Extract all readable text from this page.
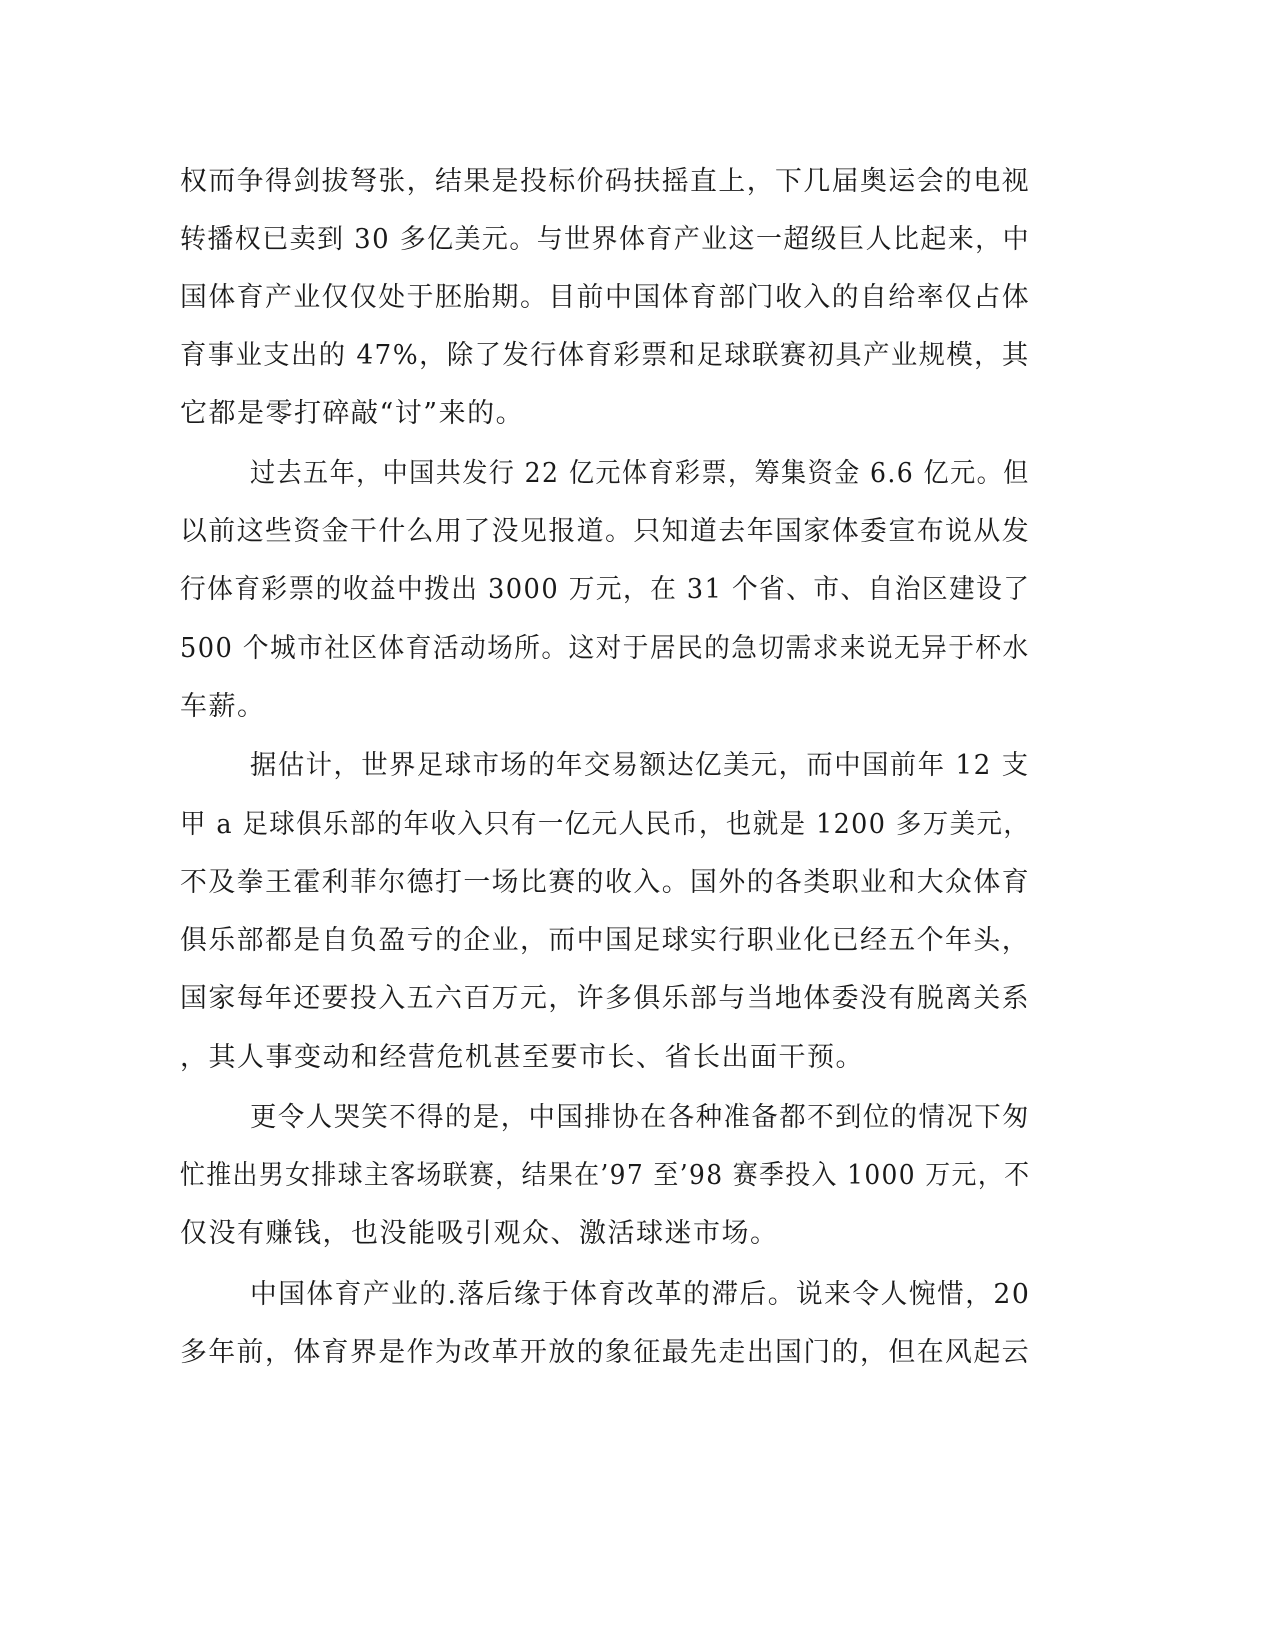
权而争得剑拔弩张，结果是投标价码扶摇直上，下几届奥运会的电视
转播权已卖到 30 多亿美元。与世界体育产业这一超级巨人比起来，中
国体育产业仅仅处于胚胎期。目前中国体育部门收入的自给率仅占体
育事业支出的 47%，除了发行体育彩票和足球联赛初具产业规模，其
它都是零打碎敲“讨”来的。
过去五年，中国共发行 22 亿元体育彩票，筹集资金 6.6 亿元。但
以前这些资金干什么用了没见报道。只知道去年国家体委宣布说从发
行体育彩票的收益中拨出 3000 万元，在 31 个省、市、自治区建设了
500 个城市社区体育活动场所。这对于居民的急切需求来说无异于杯水
车薪。
据估计，世界足球市场的年交易额达亿美元，而中国前年 12 支
甲 a 足球俱乐部的年收入只有一亿元人民币，也就是 1200 多万美元，
不及拳王霍利菲尔德打一场比赛的收入。国外的各类职业和大众体育
俱乐部都是自负盈亏的企业，而中国足球实行职业化已经五个年头，
国家每年还要投入五六百万元，许多俱乐部与当地体委没有脱离关系
，其人事变动和经营危机甚至要市长、省长出面干预。
更令人哭笑不得的是，中国排协在各种准备都不到位的情况下匆
忙推出男女排球主客场联赛，结果在’97 至’98 赛季投入 1000 万元，不
仅没有赚钱，也没能吸引观众、激活球迷市场。
中国体育产业的.落后缘于体育改革的滞后。说来令人惋惜，20
多年前，体育界是作为改革开放的象征最先走出国门的，但在风起云
